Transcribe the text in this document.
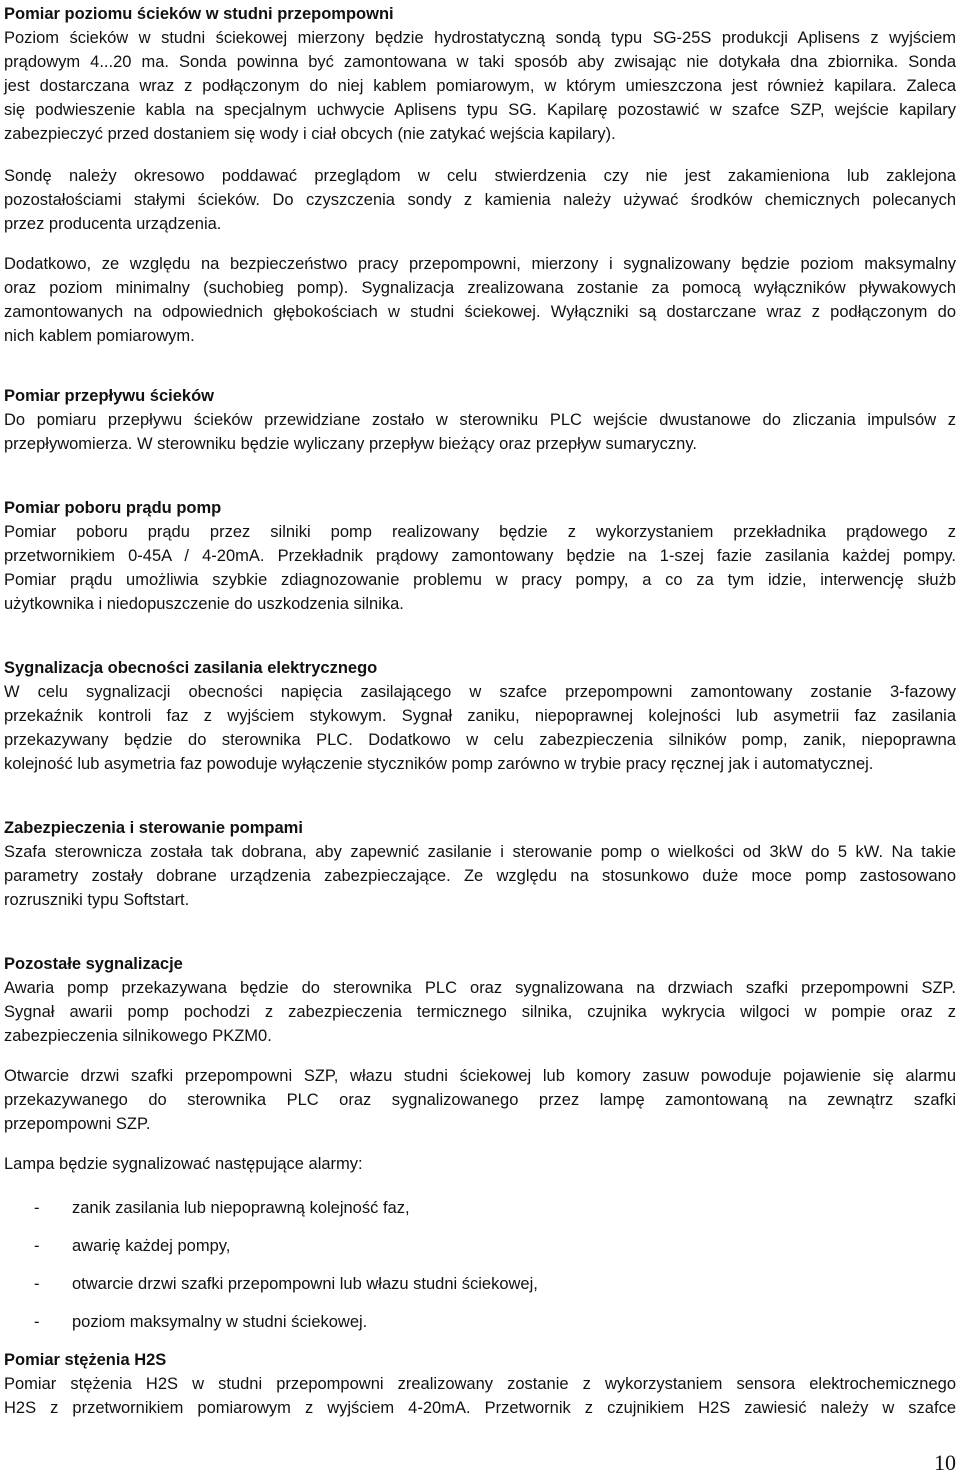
Pomiar poziomu ścieków w studni przepompowni
Poziom ścieków w studni ściekowej mierzony będzie hydrostatyczną sondą typu SG-25S produkcji Aplisens z wyjściem
prądowym 4...20 ma. Sonda powinna być zamontowana w taki sposób aby zwisając nie dotykała dna zbiornika. Sonda
jest dostarczana wraz z podłączonym do niej kablem pomiarowym, w którym umieszczona jest również kapilara. Zaleca
się podwieszenie kabla na specjalnym uchwycie Aplisens typu SG. Kapilarę pozostawić w szafce SZP, wejście kapilary
zabezpieczyć przed dostaniem się wody i ciał obcych (nie zatykać wejścia kapilary).
Sondę należy okresowo poddawać przeglądom w celu stwierdzenia czy nie jest zakamieniona lub zaklejona
pozostałościami stałymi ścieków. Do czyszczenia sondy z kamienia należy używać środków chemicznych polecanych
przez producenta urządzenia.
Dodatkowo, ze względu na bezpieczeństwo pracy przepompowni, mierzony i sygnalizowany będzie poziom maksymalny
oraz poziom minimalny (suchobieg pomp). Sygnalizacja zrealizowana zostanie za pomocą wyłączników pływakowych
zamontowanych na odpowiednich głębokościach w studni ściekowej. Wyłączniki są dostarczane wraz z podłączonym do
nich kablem pomiarowym.
Pomiar przepływu ścieków
Do pomiaru przepływu ścieków przewidziane zostało w sterowniku PLC wejście dwustanowe do zliczania impulsów z
przepływomierza. W sterowniku będzie wyliczany przepływ bieżący oraz przepływ sumaryczny.
Pomiar poboru prądu pomp
Pomiar poboru prądu przez silniki pomp realizowany będzie z wykorzystaniem przekładnika prądowego z
przetwornikiem 0-45A / 4-20mA. Przekładnik prądowy zamontowany będzie na 1-szej fazie zasilania każdej pompy.
Pomiar prądu umożliwia szybkie zdiagnozowanie problemu w pracy pompy, a co za tym idzie, interwencję służb
użytkownika i niedopuszczenie do uszkodzenia silnika.
Sygnalizacja obecności zasilania elektrycznego
W celu sygnalizacji obecności napięcia zasilającego w szafce przepompowni zamontowany zostanie 3-fazowy
przekaźnik kontroli faz z wyjściem stykowym. Sygnał zaniku, niepoprawnej kolejności lub asymetrii faz zasilania
przekazywany będzie do sterownika PLC. Dodatkowo w celu zabezpieczenia silników pomp, zanik, niepoprawna
kolejność lub asymetria faz powoduje wyłączenie styczników pomp zarówno w trybie pracy ręcznej jak i automatycznej.
Zabezpieczenia i sterowanie pompami
Szafa sterownicza została tak dobrana, aby zapewnić zasilanie i sterowanie pomp o wielkości od 3kW do 5 kW. Na takie
parametry zostały dobrane urządzenia zabezpieczające. Ze względu na stosunkowo duże moce pomp zastosowano
rozruszniki typu Softstart.
Pozostałe sygnalizacje
Awaria pomp przekazywana będzie do sterownika PLC oraz sygnalizowana na drzwiach szafki przepompowni SZP.
Sygnał awarii pomp pochodzi z zabezpieczenia termicznego silnika, czujnika wykrycia wilgoci w pompie oraz z
zabezpieczenia silnikowego PKZM0.
Otwarcie drzwi szafki przepompowni SZP, włazu studni ściekowej lub komory zasuw powoduje pojawienie się alarmu
przekazywanego do sterownika PLC oraz sygnalizowanego przez lampę zamontowaną na zewnątrz szafki
przepompowni SZP.
Lampa będzie sygnalizować następujące alarmy:
- zanik zasilania lub niepoprawną kolejność faz,
- awarię każdej pompy,
- otwarcie drzwi szafki przepompowni lub włazu studni ściekowej,
- poziom maksymalny w studni ściekowej.
Pomiar stężenia H2S
Pomiar stężenia H2S w studni przepompowni zrealizowany zostanie z wykorzystaniem sensora elektrochemicznego
H2S z przetwornikiem pomiarowym z wyjściem 4-20mA. Przetwornik z czujnikiem H2S zawiesić należy w szafce
10
